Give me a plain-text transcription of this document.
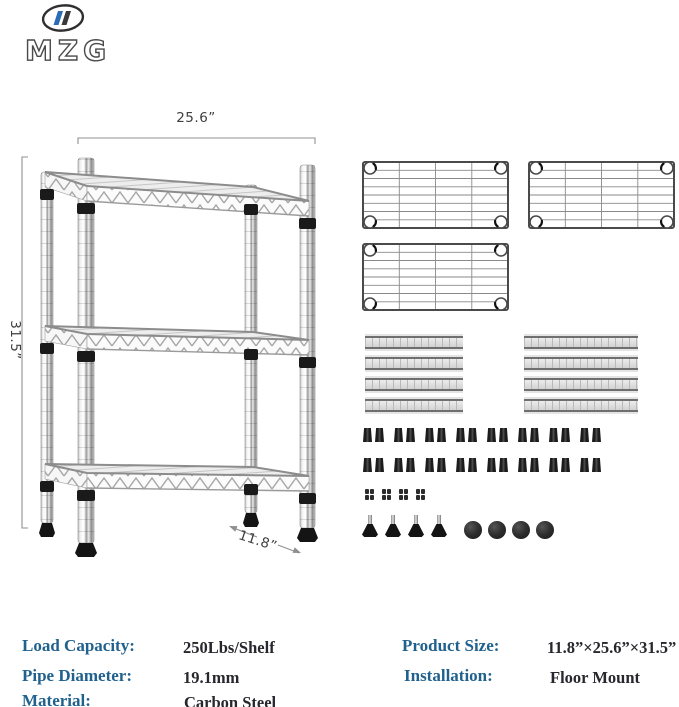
MZG
25.6”
31.5”
11.8”
Load Capacity:	250Lbs/Shelf
Pipe Diameter:	19.1mm
Material:	Carbon Steel
Product Size:	11.8”×25.6”×31.5”
Installation:	Floor Mount
